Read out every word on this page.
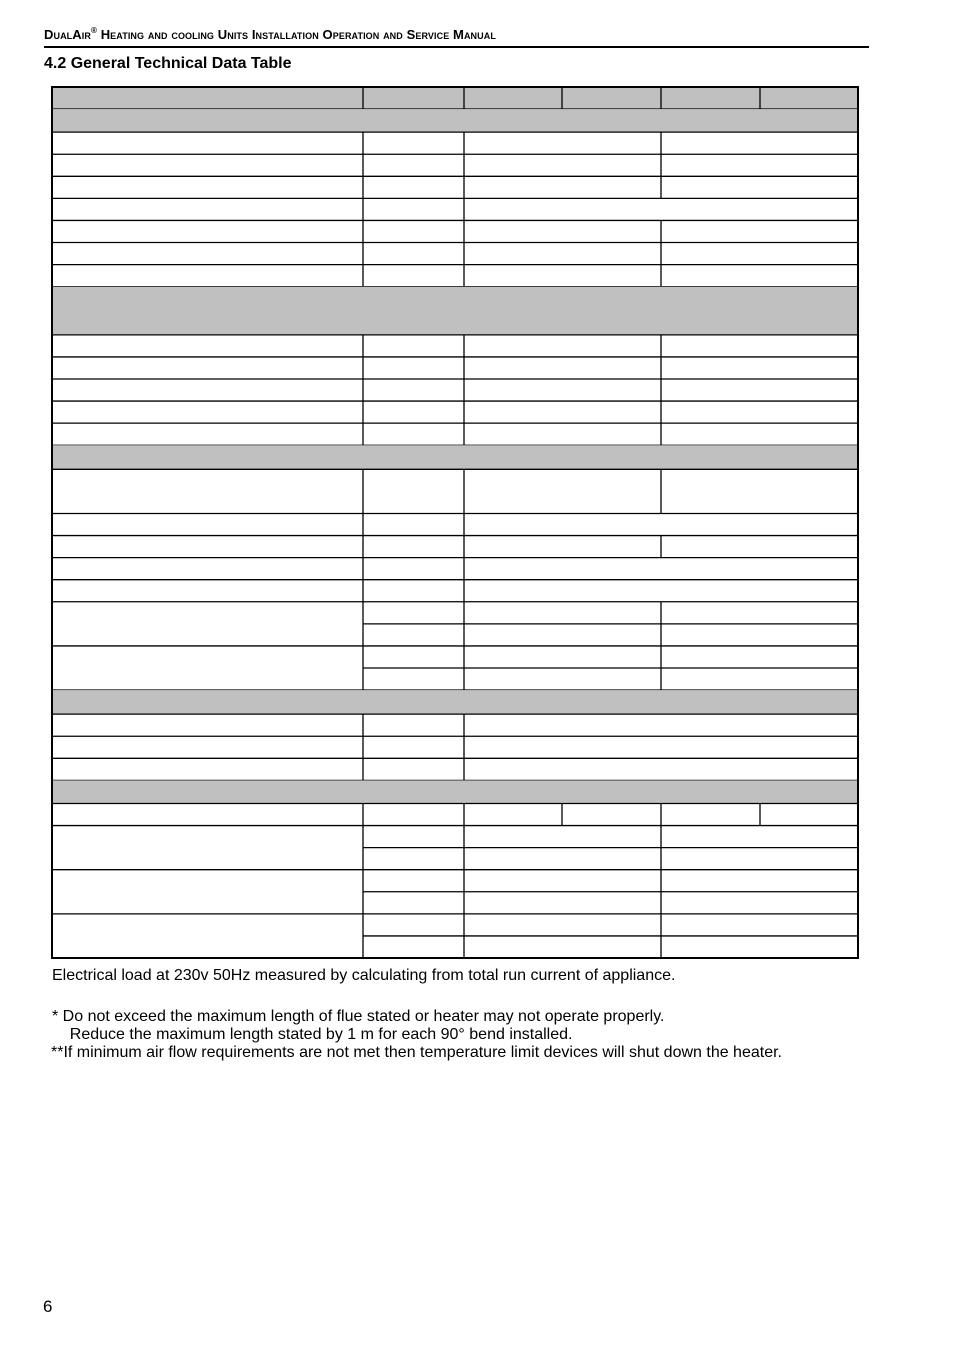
DualAir® Heating and cooling Units Installation Operation and Service Manual
4.2 General Technical Data Table
Electrical load at 230v 50Hz measured by calculating from total run current of appliance.
* Do not exceed the maximum length of flue stated or heater may not operate properly.
Reduce the maximum length stated by 1 m for each 90° bend installed.
**If minimum air flow requirements are not met then temperature limit devices will shut down the heater.
6
